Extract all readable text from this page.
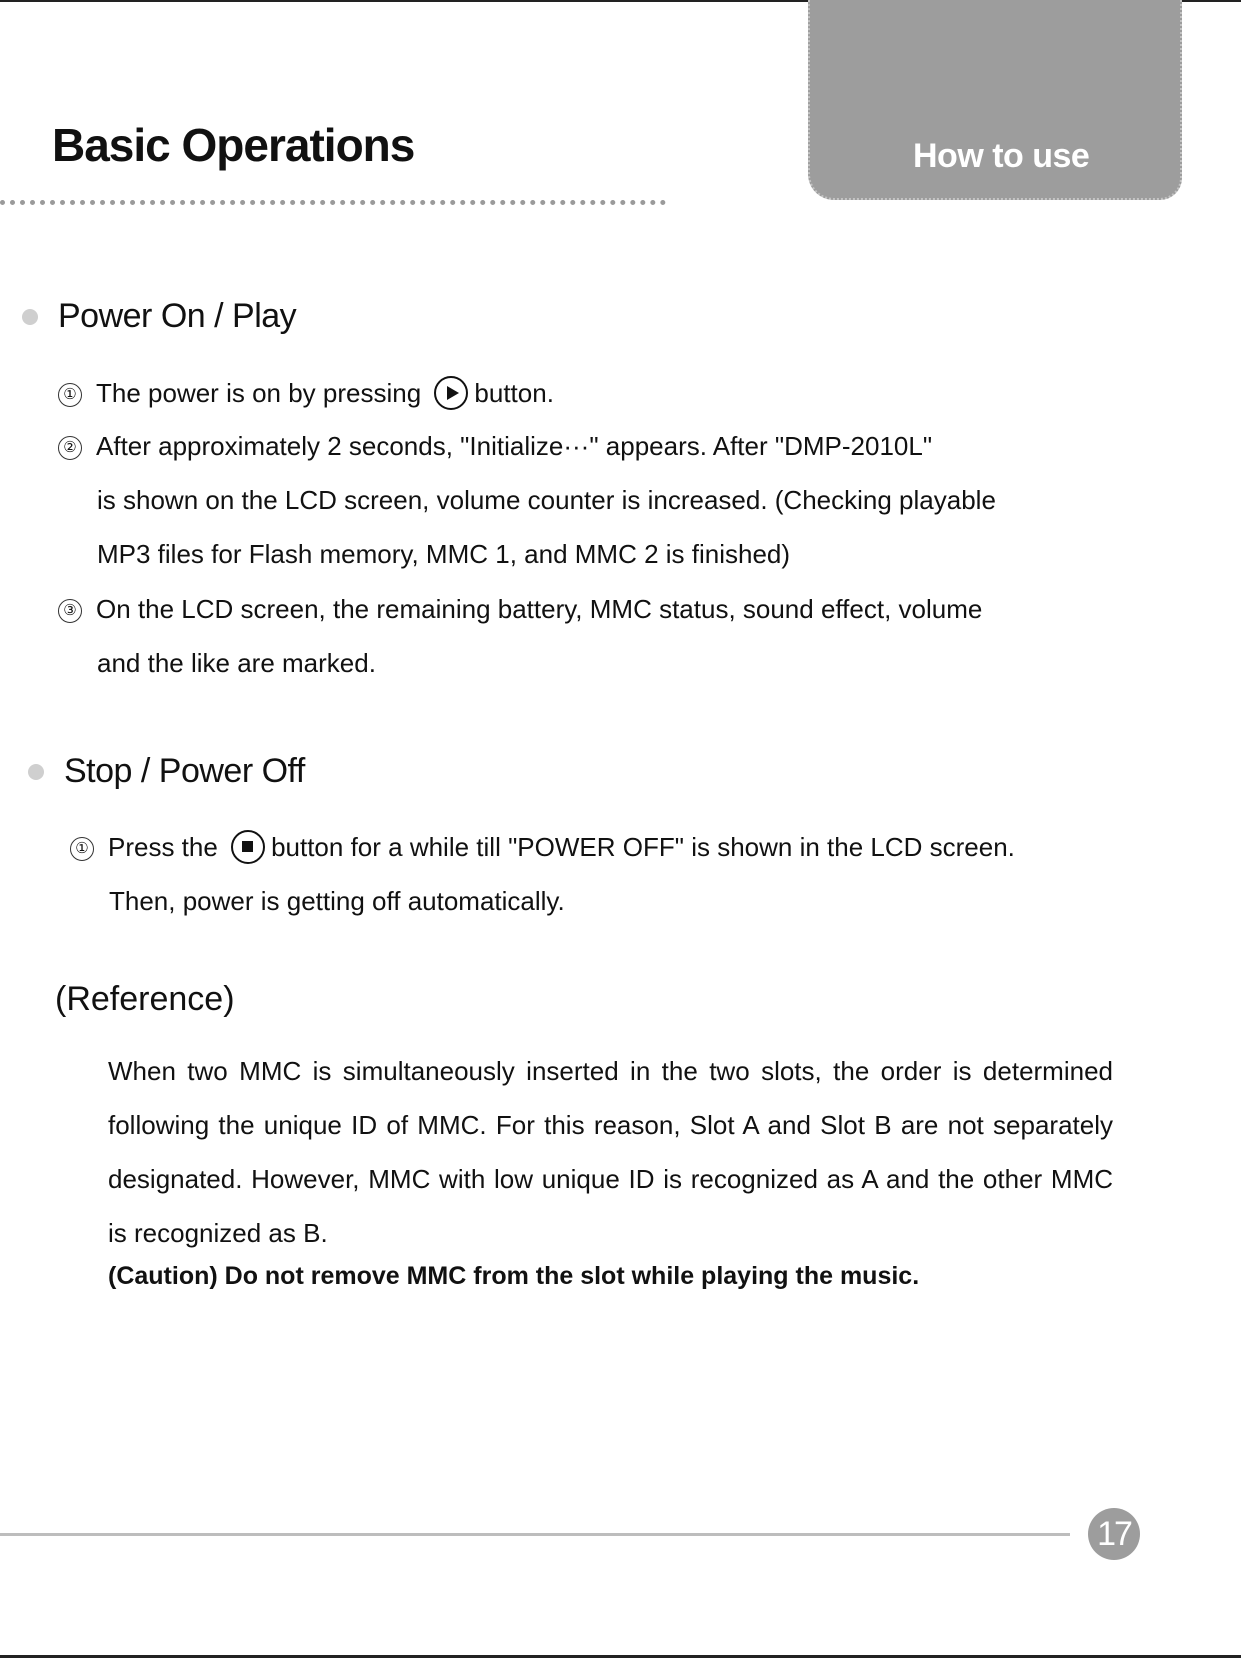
Basic Operations	How to use
Power On / Play
① The power is on by pressing button.
② After approximately 2 seconds, "Initialize···" appears. After "DMP-2010L"
is shown on the LCD screen, volume counter is increased. (Checking playable
MP3 files for Flash memory, MMC 1, and MMC 2 is finished)
③ On the LCD screen, the remaining battery, MMC status, sound effect, volume
and the like are marked.
Stop / Power Off
① Press the button for a while till "POWER OFF" is shown in the LCD screen.
Then, power is getting off automatically.
(Reference)
When two MMC is simultaneously inserted in the two slots, the order is determined following the unique ID of MMC. For this reason, Slot A and Slot B are not separately designated. However, MMC with low unique ID is recognized as A and the other MMC is recognized as B.
(Caution) Do not remove MMC from the slot while playing the music.
17
